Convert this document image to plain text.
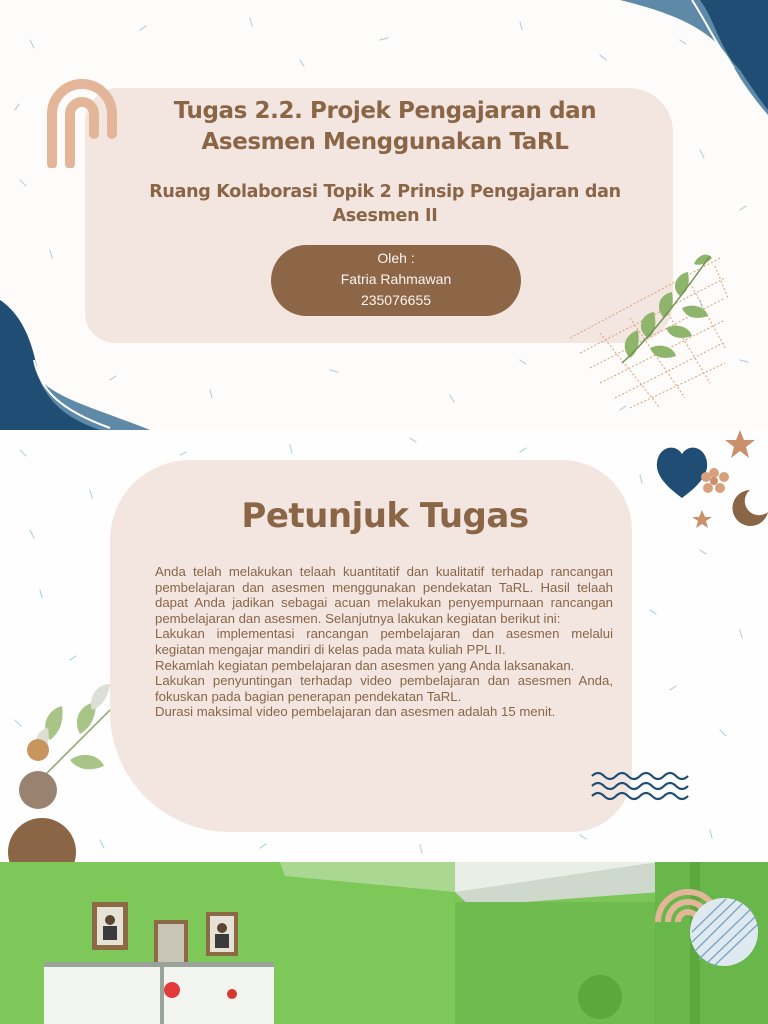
Tugas 2.2. Projek Pengajaran dan Asesmen Menggunakan TaRL
Ruang Kolaborasi Topik 2 Prinsip Pengajaran dan Asesmen II
Oleh :
Fatria Rahmawan
235076655
Petunjuk Tugas

Anda telah melakukan telaah kuantitatif dan kualitatif terhadap rancangan pembelajaran dan asesmen menggunakan pendekatan TaRL. Hasil telaah dapat Anda jadikan sebagai acuan melakukan penyempurnaan rancangan pembelajaran dan asesmen. Selanjutnya lakukan kegiatan berikut ini:

Lakukan implementasi rancangan pembelajaran dan asesmen melalui kegiatan mengajar mandiri di kelas pada mata kuliah PPL II.

Rekamlah kegiatan pembelajaran dan asesmen yang Anda laksanakan.

Lakukan penyuntingan terhadap video pembelajaran dan asesmen Anda, fokuskan pada bagian penerapan pendekatan TaRL.

Durasi maksimal video pembelajaran dan asesmen adalah 15 menit.
